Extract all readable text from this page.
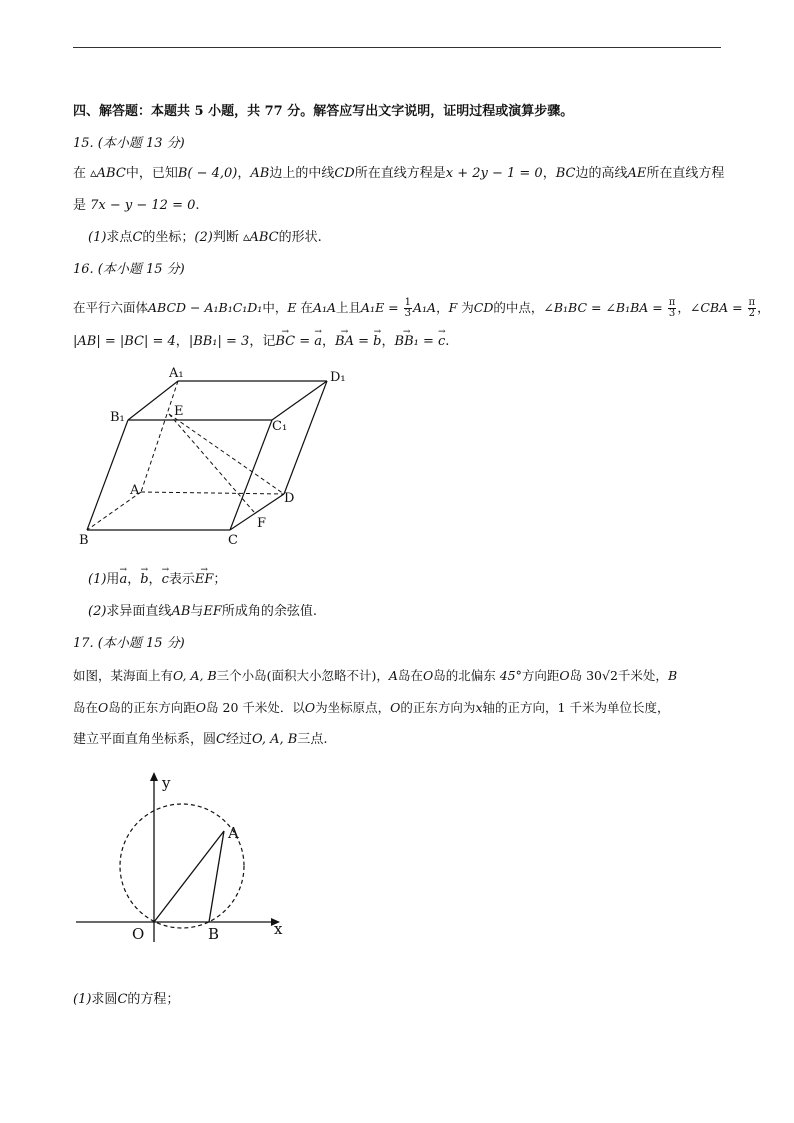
四、解答题：本题共 5 小题，共 77 分。解答应写出文字说明，证明过程或演算步骤。
15. (本小题 13 分)
在 ▵ABC中，已知B( − 4,0)，AB边上的中线CD所在直线方程是x + 2y − 1 = 0，BC边的高线AE所在直线方程
是 7x − y − 12 = 0.
(1)求点C的坐标；(2)判断 ▵ABC的形状.
16. (本小题 15 分)
在平行六面体ABCD − A₁B₁C₁D₁中，E 在A₁A上且$A_1E = \frac{1}{3} A_1A$，F 为CD的中点，∠B₁BC = ∠B₁BA = $\frac{\pi}{3}$ ，∠CBA = $\frac{\pi}{2}$ ，
|AB| = |BC| = 4，|BB₁| = 3，记→ BC = → a，→ BA = → b，→ BB₁ = → c.
A₁	D₁
B₁
C₁
E
A
D
B	C
F
(1)用→ a，→ b，→ c表示→ EF；
(2)求异面直线AB与EF所成角的余弦值.
17. (本小题 15 分)
如图，某海面上有O, A, B三个小岛(面积大小忽略不计)，A岛在O岛的北偏东 45°方向距O岛 30√2千米处，B
岛在O岛的正东方向距O岛 20 千米处．以O为坐标原点，O的正东方向为x轴的正方向，1 千米为单位长度，
建立平面直角坐标系，圆C经过O, A, B三点.
y
A
O	B	x
(1)求圆C的方程；
